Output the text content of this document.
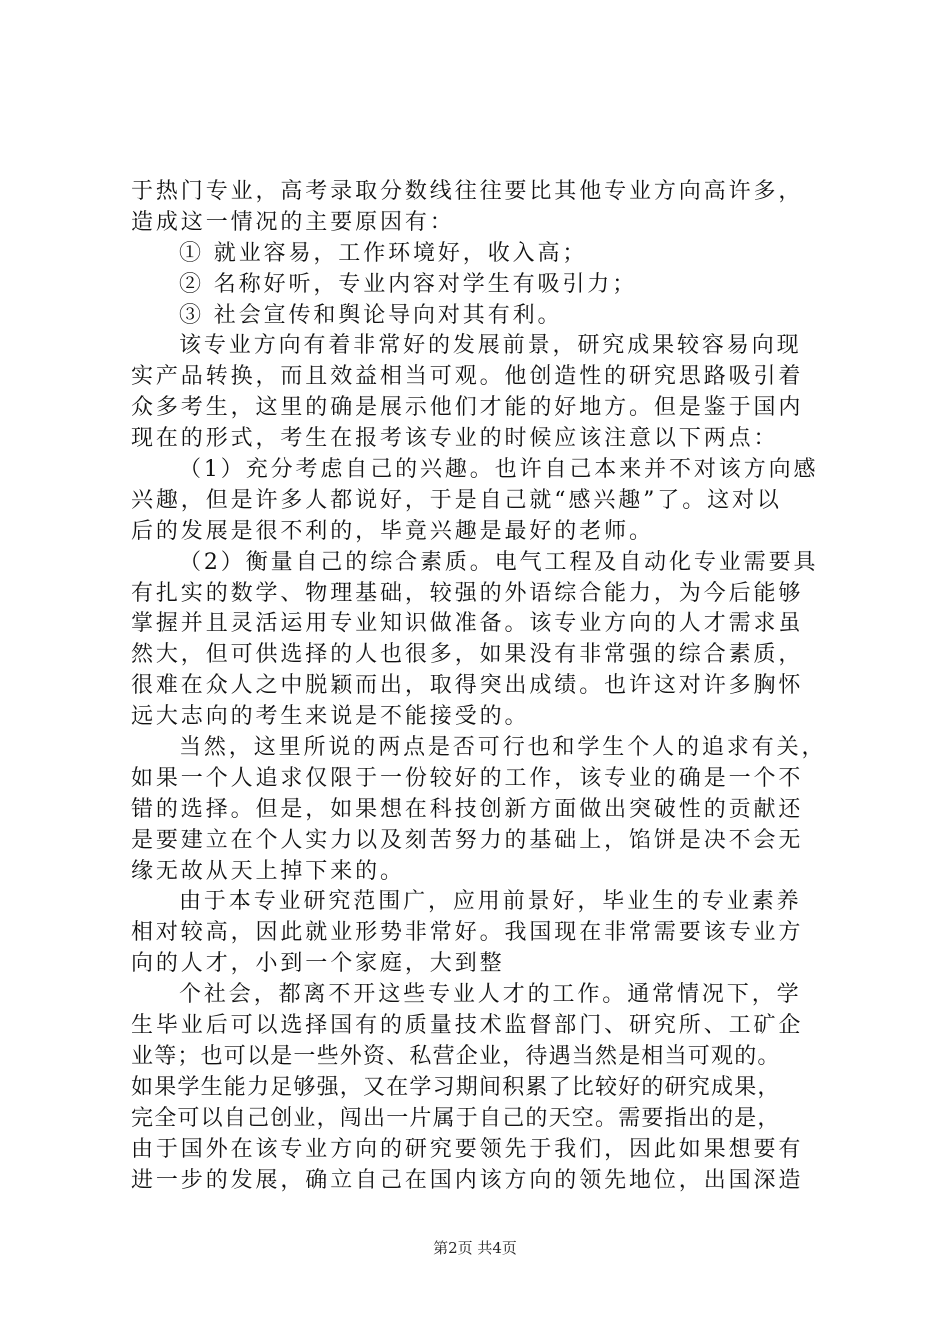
于热门专业，高考录取分数线往往要比其他专业方向高许多，
造成这一情况的主要原因有：
① 就业容易，工作环境好，收入高；
② 名称好听，专业内容对学生有吸引力；
③ 社会宣传和舆论导向对其有利。
该专业方向有着非常好的发展前景，研究成果较容易向现
实产品转换，而且效益相当可观。他创造性的研究思路吸引着
众多考生，这里的确是展示他们才能的好地方。但是鉴于国内
现在的形式，考生在报考该专业的时候应该注意以下两点：
（1）充分考虑自己的兴趣。也许自己本来并不对该方向感
兴趣，但是许多人都说好，于是自己就“感兴趣”了。这对以
后的发展是很不利的，毕竟兴趣是最好的老师。
（2）衡量自己的综合素质。电气工程及自动化专业需要具
有扎实的数学、物理基础，较强的外语综合能力，为今后能够
掌握并且灵活运用专业知识做准备。该专业方向的人才需求虽
然大，但可供选择的人也很多，如果没有非常强的综合素质，
很难在众人之中脱颖而出，取得突出成绩。也许这对许多胸怀
远大志向的考生来说是不能接受的。
当然，这里所说的两点是否可行也和学生个人的追求有关，
如果一个人追求仅限于一份较好的工作，该专业的确是一个不
错的选择。但是，如果想在科技创新方面做出突破性的贡献还
是要建立在个人实力以及刻苦努力的基础上，馅饼是决不会无
缘无故从天上掉下来的。
由于本专业研究范围广，应用前景好，毕业生的专业素养
相对较高，因此就业形势非常好。我国现在非常需要该专业方
向的人才，小到一个家庭，大到整
个社会，都离不开这些专业人才的工作。通常情况下，学
生毕业后可以选择国有的质量技术监督部门、研究所、工矿企
业等；也可以是一些外资、私营企业，待遇当然是相当可观的。
如果学生能力足够强，又在学习期间积累了比较好的研究成果，
完全可以自己创业，闯出一片属于自己的天空。需要指出的是，
由于国外在该专业方向的研究要领先于我们，因此如果想要有
进一步的发展，确立自己在国内该方向的领先地位，出国深造
第2页 共4页
